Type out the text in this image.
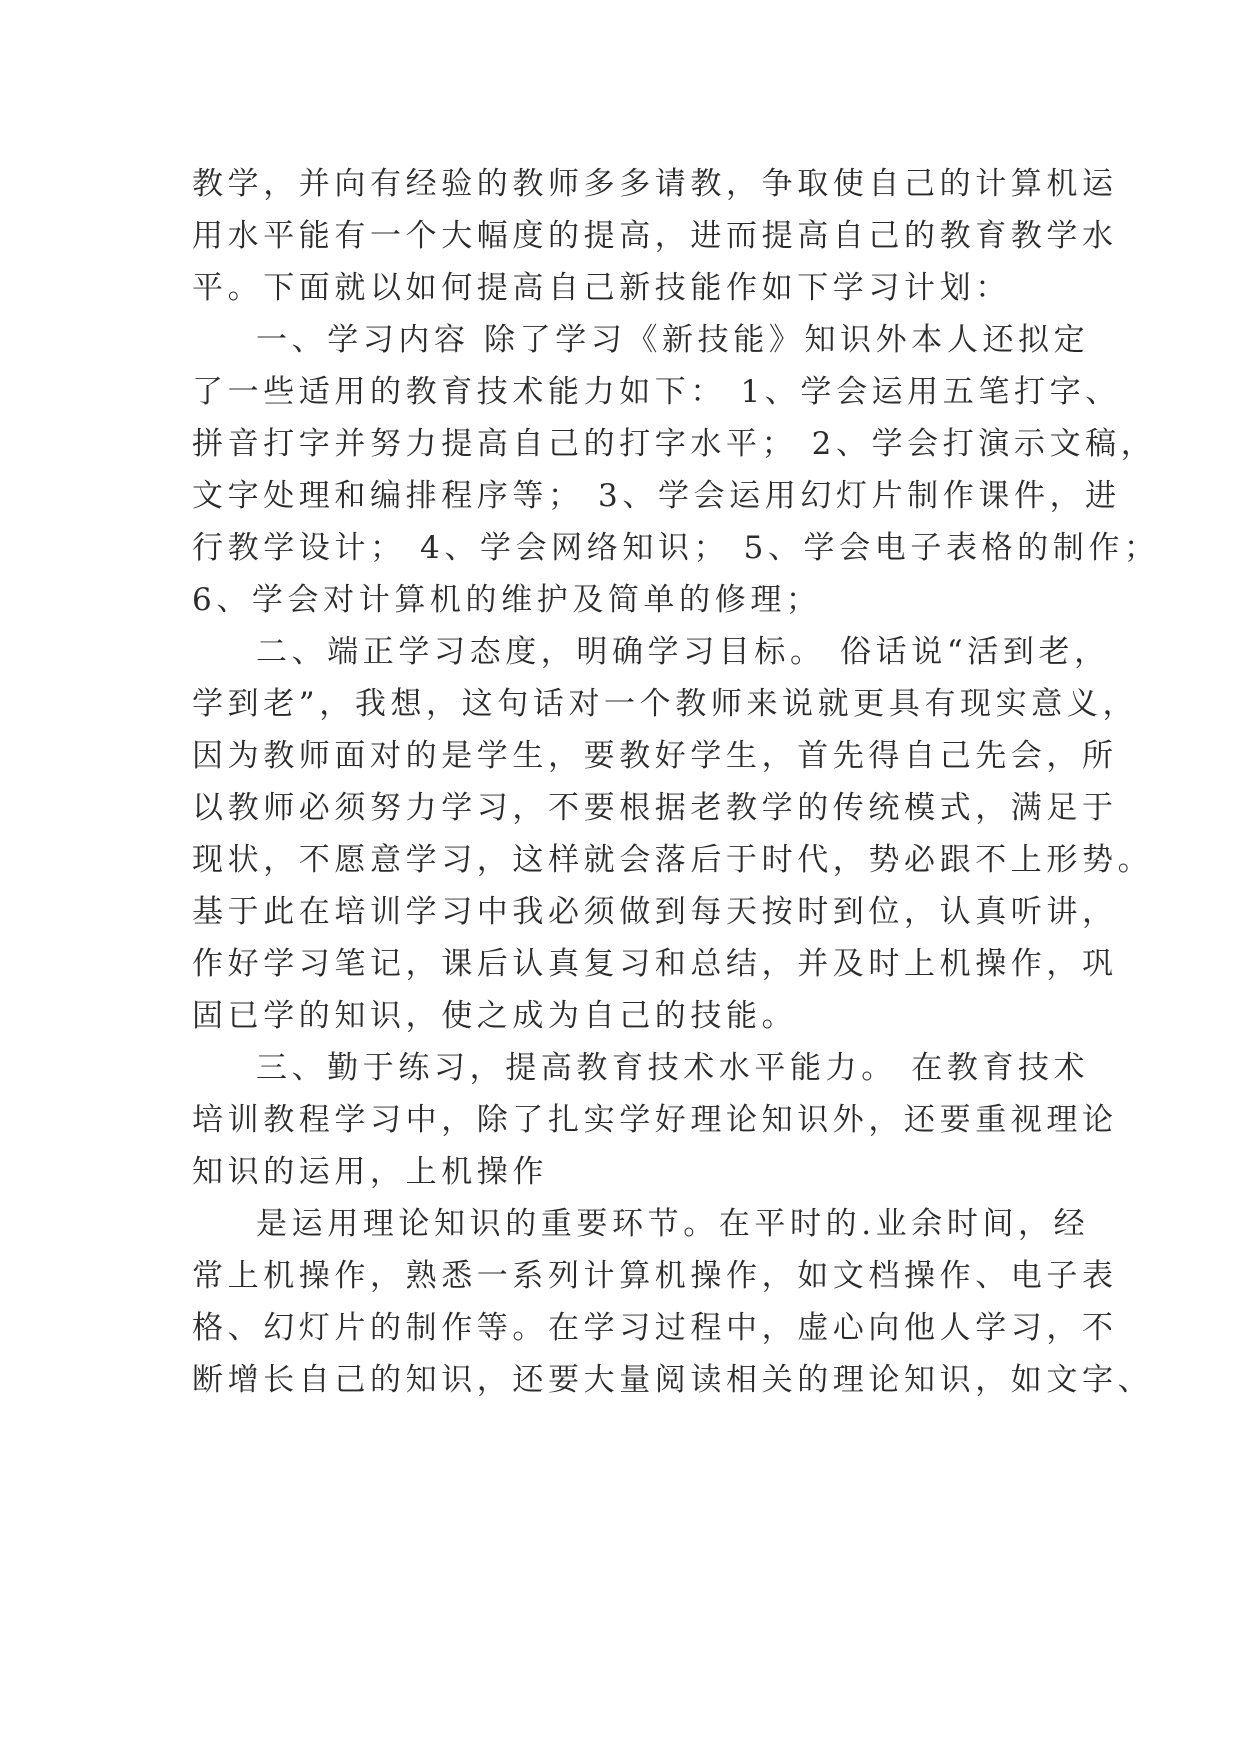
教学，并向有经验的教师多多请教，争取使自己的计算机运
用水平能有一个大幅度的提高，进而提高自己的教育教学水
平。下面就以如何提高自己新技能作如下学习计划：
一、学习内容 除了学习《新技能》知识外本人还拟定
了一些适用的教育技术能力如下： 1、学会运用五笔打字、
拼音打字并努力提高自己的打字水平； 2、学会打演示文稿，
文字处理和编排程序等； 3、学会运用幻灯片制作课件，进
行教学设计； 4、学会网络知识； 5、学会电子表格的制作；
6、学会对计算机的维护及简单的修理；
二、端正学习态度，明确学习目标。 俗话说“活到老，
学到老”，我想，这句话对一个教师来说就更具有现实意义，
因为教师面对的是学生，要教好学生，首先得自己先会，所
以教师必须努力学习，不要根据老教学的传统模式，满足于
现状，不愿意学习，这样就会落后于时代，势必跟不上形势。
基于此在培训学习中我必须做到每天按时到位，认真听讲，
作好学习笔记，课后认真复习和总结，并及时上机操作，巩
固已学的知识，使之成为自己的技能。
三、勤于练习，提高教育技术水平能力。 在教育技术
培训教程学习中，除了扎实学好理论知识外，还要重视理论
知识的运用，上机操作
是运用理论知识的重要环节。在平时的.业余时间，经
常上机操作，熟悉一系列计算机操作，如文档操作、电子表
格、幻灯片的制作等。在学习过程中，虚心向他人学习，不
断增长自己的知识，还要大量阅读相关的理论知识，如文字、
